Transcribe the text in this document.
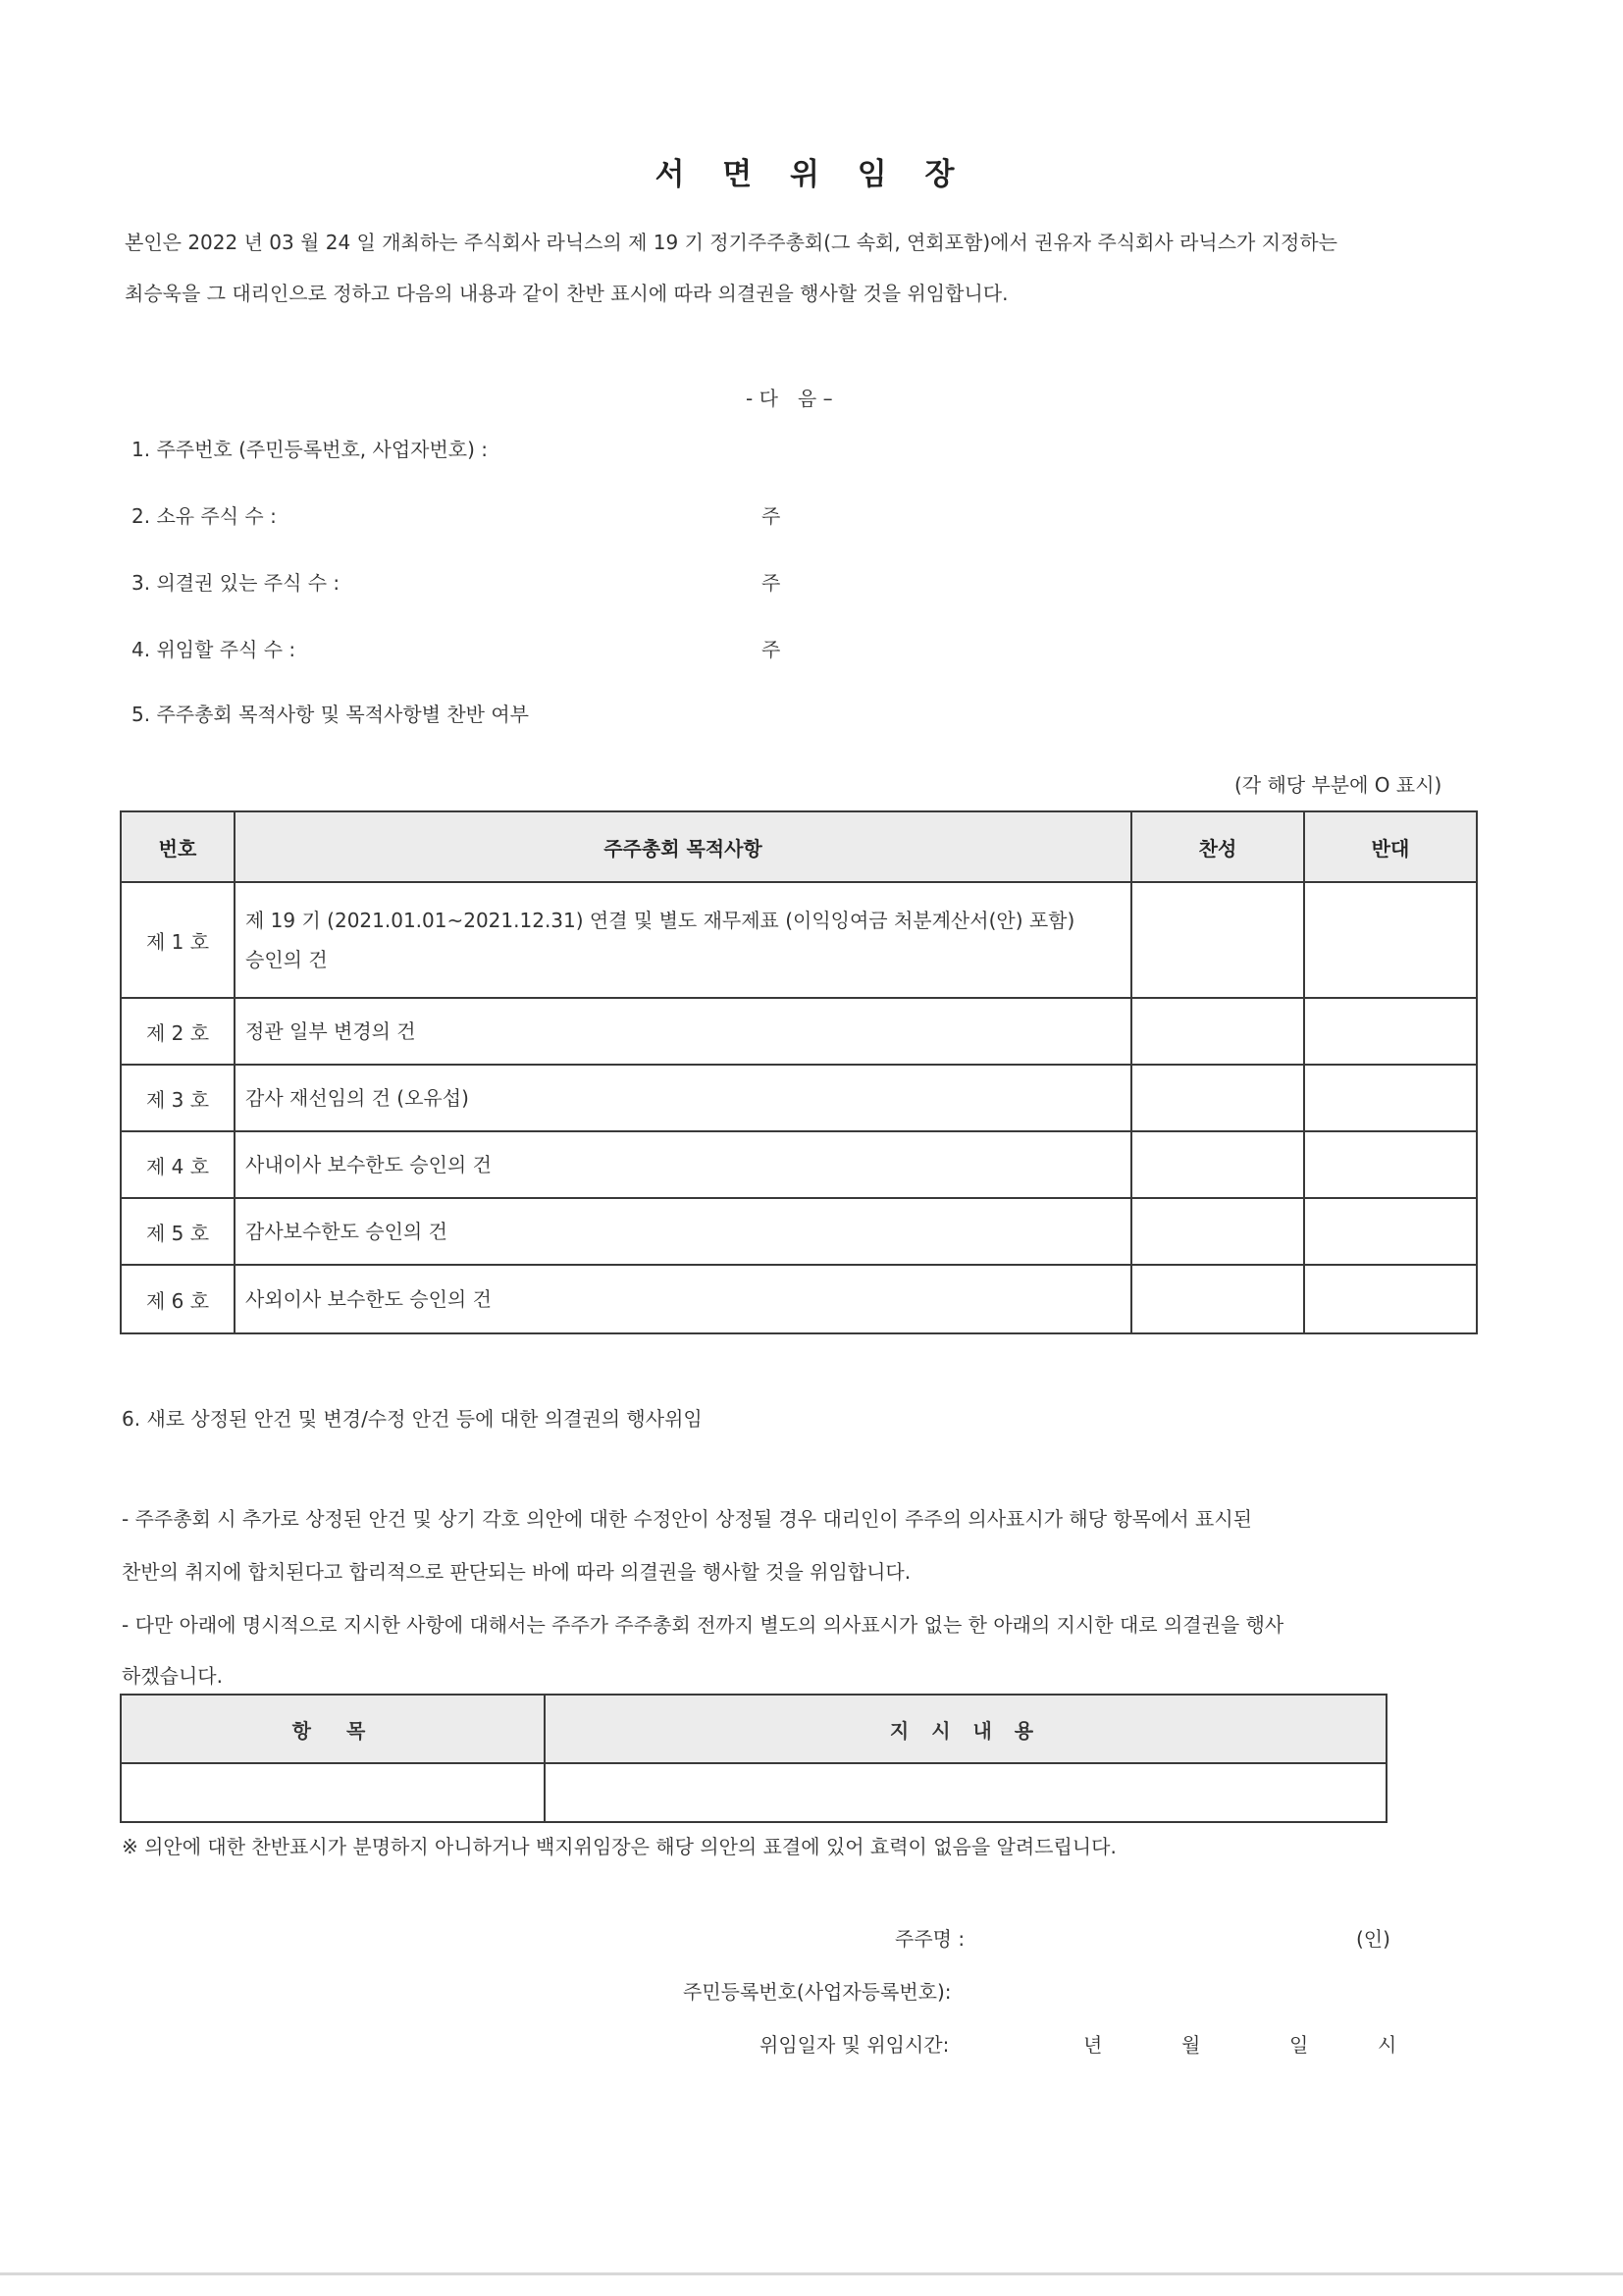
서 면 위 임 장
본인은 2022 년 03 월 24 일 개최하는 주식회사 라닉스의 제 19 기 정기주주총회(그 속회, 연회포함)에서 권유자 주식회사 라닉스가 지정하는
최승욱을 그 대리인으로 정하고 다음의 내용과 같이 찬반 표시에 따라 의결권을 행사할 것을 위임합니다.
- 다　음 –
1. 주주번호 (주민등록번호, 사업자번호) :
2. 소유 주식 수 :	주
3. 의결권 있는 주식 수 :	주
4. 위임할 주식 수 :	주
5. 주주총회 목적사항 및 목적사항별 찬반 여부
(각 해당 부분에 O 표시)
번호	주주총회 목적사항	찬성	반대
제 1 호	제 19 기 (2021.01.01~2021.12.31) 연결 및 별도 재무제표 (이익잉여금 처분계산서(안) 포함)
승인의 건		

제 2 호	정관 일부 변경의 건		
제 3 호	감사 재선임의 건 (오유섭)		
제 4 호	사내이사 보수한도 승인의 건		
제 5 호	감사보수한도 승인의 건		
제 6 호	사외이사 보수한도 승인의 건		
6. 새로 상정된 안건 및 변경/수정 안건 등에 대한 의결권의 행사위임
- 주주총회 시 추가로 상정된 안건 및 상기 각호 의안에 대한 수정안이 상정될 경우 대리인이 주주의 의사표시가 해당 항목에서 표시된
찬반의 취지에 합치된다고 합리적으로 판단되는 바에 따라 의결권을 행사할 것을 위임합니다.
- 다만 아래에 명시적으로 지시한 사항에 대해서는 주주가 주주총회 전까지 별도의 의사표시가 없는 한 아래의 지시한 대로 의결권을 행사
하겠습니다.
항　목	지 시 내 용

※ 의안에 대한 찬반표시가 분명하지 아니하거나 백지위임장은 해당 의안의 표결에 있어 효력이 없음을 알려드립니다.
주주명 :	(인)
주민등록번호(사업자등록번호):
위임일자 및 위임시간:	년	월	일	시
